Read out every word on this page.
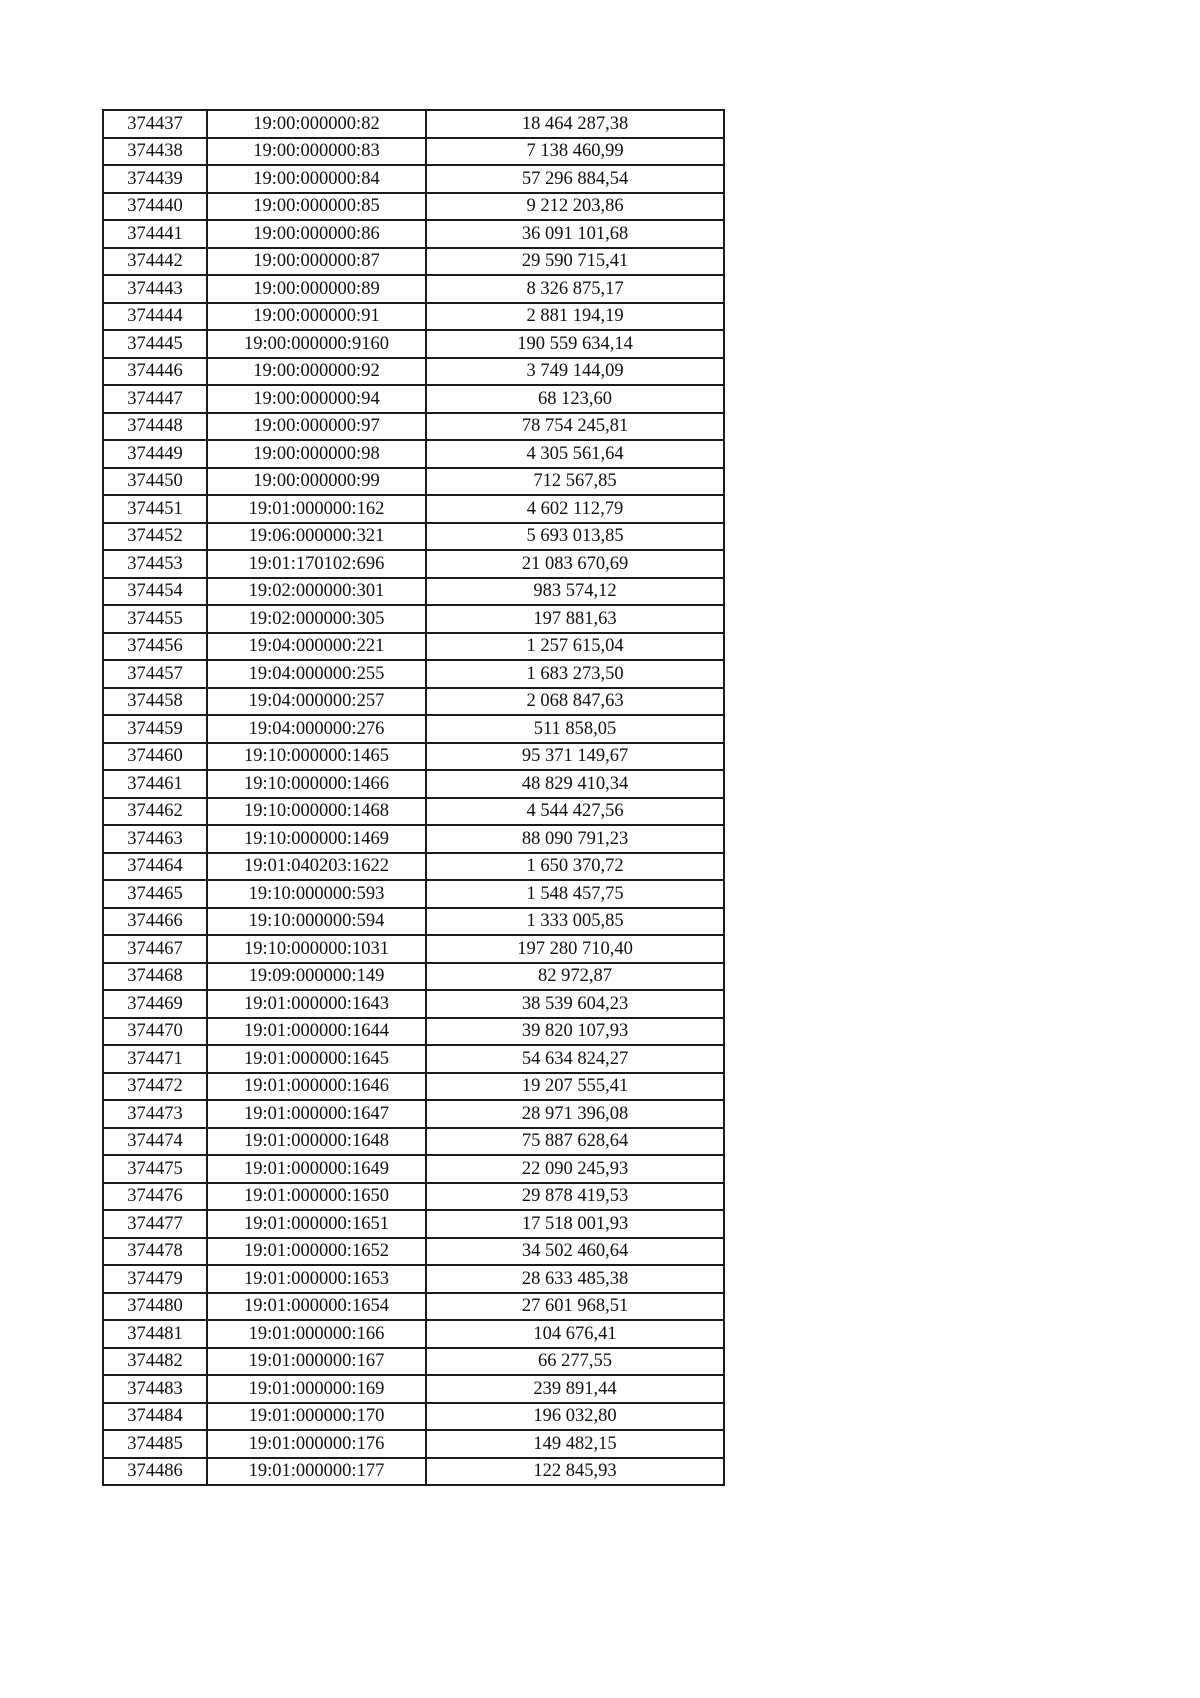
374437	19:00:000000:82	18 464 287,38
374438	19:00:000000:83	7 138 460,99
374439	19:00:000000:84	57 296 884,54
374440	19:00:000000:85	9 212 203,86
374441	19:00:000000:86	36 091 101,68
374442	19:00:000000:87	29 590 715,41
374443	19:00:000000:89	8 326 875,17
374444	19:00:000000:91	2 881 194,19
374445	19:00:000000:9160	190 559 634,14
374446	19:00:000000:92	3 749 144,09
374447	19:00:000000:94	68 123,60
374448	19:00:000000:97	78 754 245,81
374449	19:00:000000:98	4 305 561,64
374450	19:00:000000:99	712 567,85
374451	19:01:000000:162	4 602 112,79
374452	19:06:000000:321	5 693 013,85
374453	19:01:170102:696	21 083 670,69
374454	19:02:000000:301	983 574,12
374455	19:02:000000:305	197 881,63
374456	19:04:000000:221	1 257 615,04
374457	19:04:000000:255	1 683 273,50
374458	19:04:000000:257	2 068 847,63
374459	19:04:000000:276	511 858,05
374460	19:10:000000:1465	95 371 149,67
374461	19:10:000000:1466	48 829 410,34
374462	19:10:000000:1468	4 544 427,56
374463	19:10:000000:1469	88 090 791,23
374464	19:01:040203:1622	1 650 370,72
374465	19:10:000000:593	1 548 457,75
374466	19:10:000000:594	1 333 005,85
374467	19:10:000000:1031	197 280 710,40
374468	19:09:000000:149	82 972,87
374469	19:01:000000:1643	38 539 604,23
374470	19:01:000000:1644	39 820 107,93
374471	19:01:000000:1645	54 634 824,27
374472	19:01:000000:1646	19 207 555,41
374473	19:01:000000:1647	28 971 396,08
374474	19:01:000000:1648	75 887 628,64
374475	19:01:000000:1649	22 090 245,93
374476	19:01:000000:1650	29 878 419,53
374477	19:01:000000:1651	17 518 001,93
374478	19:01:000000:1652	34 502 460,64
374479	19:01:000000:1653	28 633 485,38
374480	19:01:000000:1654	27 601 968,51
374481	19:01:000000:166	104 676,41
374482	19:01:000000:167	66 277,55
374483	19:01:000000:169	239 891,44
374484	19:01:000000:170	196 032,80
374485	19:01:000000:176	149 482,15
374486	19:01:000000:177	122 845,93
